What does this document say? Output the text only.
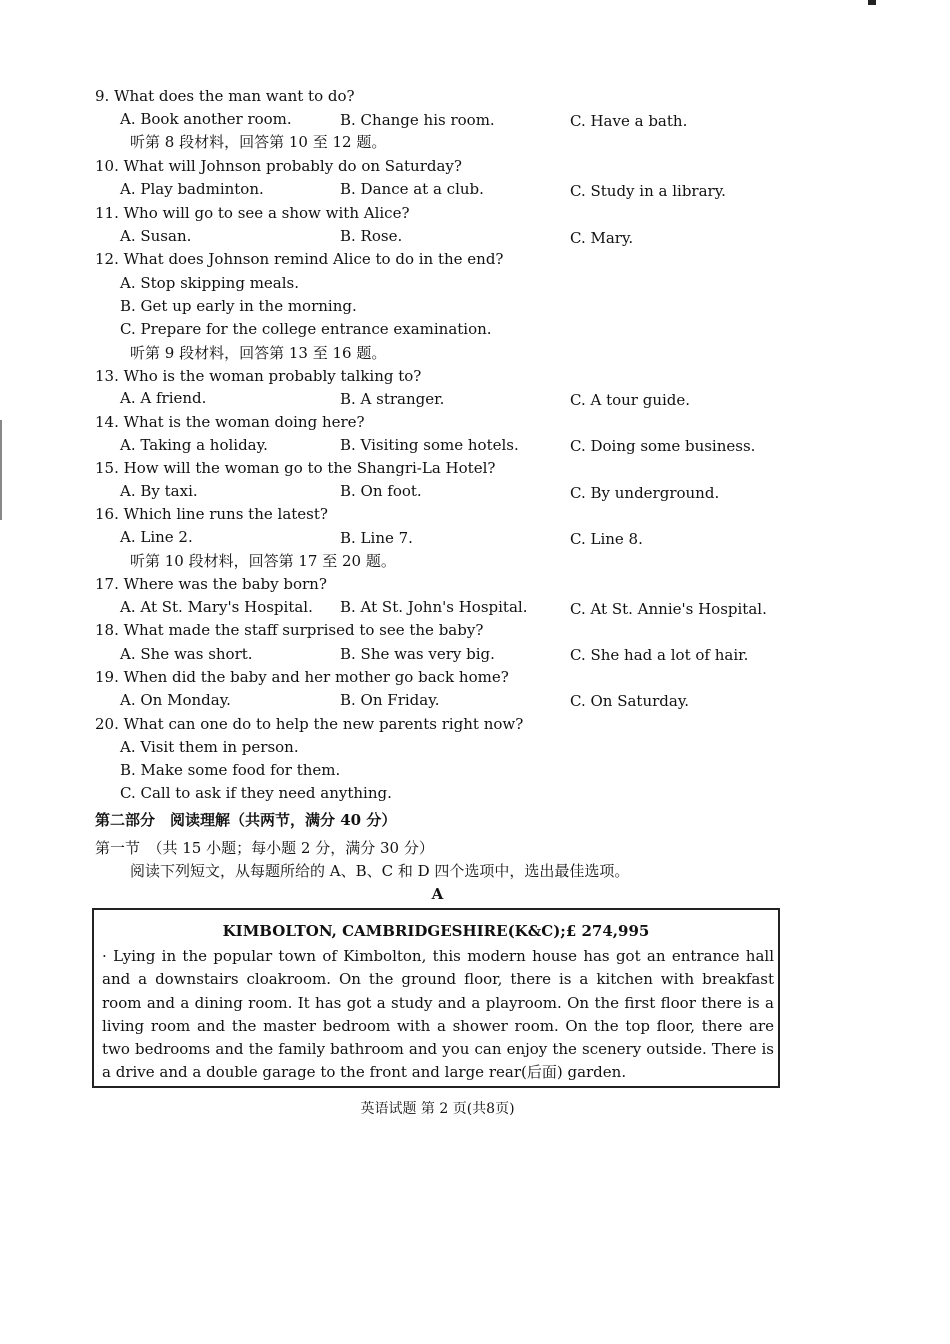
9. What does the man want to do?
A. Book another room.	B. Change his room.	C. Have a bath.
听第 8 段材料，回答第 10 至 12 题。
10. What will Johnson probably do on Saturday?
A. Play badminton.	B. Dance at a club.	C. Study in a library.
11. Who will go to see a show with Alice?
A. Susan.	B. Rose.	C. Mary.
12. What does Johnson remind Alice to do in the end?
A. Stop skipping meals.
B. Get up early in the morning.
C. Prepare for the college entrance examination.
听第 9 段材料，回答第 13 至 16 题。
13. Who is the woman probably talking to?
A. A friend.	B. A stranger.	C. A tour guide.
14. What is the woman doing here?
A. Taking a holiday.	B. Visiting some hotels.	C. Doing some business.
15. How will the woman go to the Shangri-La Hotel?
A. By taxi.	B. On foot.	C. By underground.
16. Which line runs the latest?
A. Line 2.	B. Line 7.	C. Line 8.
听第 10 段材料，回答第 17 至 20 题。
17. Where was the baby born?
A. At St. Mary's Hospital. B. At St. John's Hospital.	C. At St. Annie's Hospital.
18. What made the staff surprised to see the baby?
A. She was short.	B. She was very big.	C. She had a lot of hair.
19. When did the baby and her mother go back home?
A. On Monday.	B. On Friday.	C. On Saturday.
20. What can one do to help the new parents right now?
A. Visit them in person.
B. Make some food for them.
C. Call to ask if they need anything.
第二部分　阅读理解（共两节，满分 40 分）
第一节　（共 15 小题；每小题 2 分，满分 30 分）
阅读下列短文，从每题所给的 A、B、C 和 D 四个选项中，选出最佳选项。
A
KIMBOLTON, CAMBRIDGESHIRE(K&C);£ 274,995
· Lying in the popular town of Kimbolton, this modern house has got an entrance hall and a downstairs cloakroom. On the ground floor, there is a kitchen with breakfast room and a dining room. It has got a study and a playroom. On the first floor there is a living room and the master bedroom with a shower room. On the top floor, there are two bedrooms and the family bathroom and you can enjoy the scenery outside. There is a drive and a double garage to the front and large rear(后面) garden.
英语试题 第 2 页(共8页)
